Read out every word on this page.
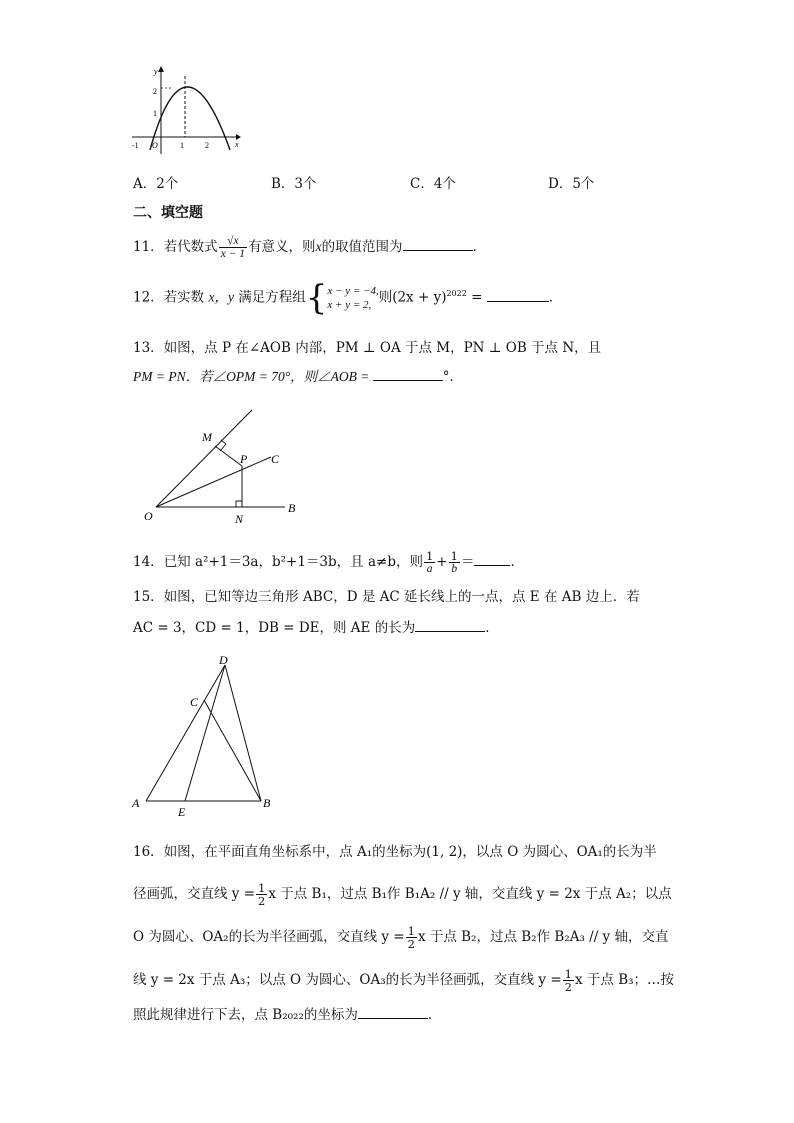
y
x
2
1
-1 O	1	2
A．2个	B．3个	C．4个	D．5个
二、填空题
11．若代数式 $\frac{√x}{x - 1}$ 有意义，则x的取值范围为	．
12．若实数 x，y 满足方程组{ x − y = −4,
x + y = 2, 则$(2x + y)^{2022}$ =	．
13．如图，点 P 在∠AOB 内部，PM ⊥ OA 于点 M，PN ⊥ OB 于点 N，且
PM = PN．若∠OPM = 70°，则∠AOB =	°．
M
P C
O	N
B
14．已知 a²+1＝3a，b²+1＝3b，且 a≠b，则 $\frac{1}{a} + \frac{1}{b}$ ＝	．
15．如图，已知等边三角形 ABC，D 是 AC 延长线上的一点，点 E 在 AB 边上．若
AC = 3，CD = 1，DB = DE，则 AE 的长为	．
D
C
A
E
B
16．如图，在平面直角坐标系中，点 A₁的坐标为(1, 2)，以点 O 为圆心、OA₁的长为半
径画弧，交直线 $y = \frac{1}{2}$ x 于点 B₁，过点 B₁作 B₁A₂ // y 轴，交直线 y = 2x 于点 A₂；以点
O 为圆心、OA₂的长为半径画弧，交直线 $y = \frac{1}{2}$ x 于点 B₂，过点 B₂作 B₂A₃ // y 轴，交直
线 y = 2x 于点 A₃；以点 O 为圆心、OA₃的长为半径画弧，交直线 $y = \frac{1}{2}$ x 于点 B₃；…按
照此规律进行下去，点 B₂₀₂₂的坐标为	．
